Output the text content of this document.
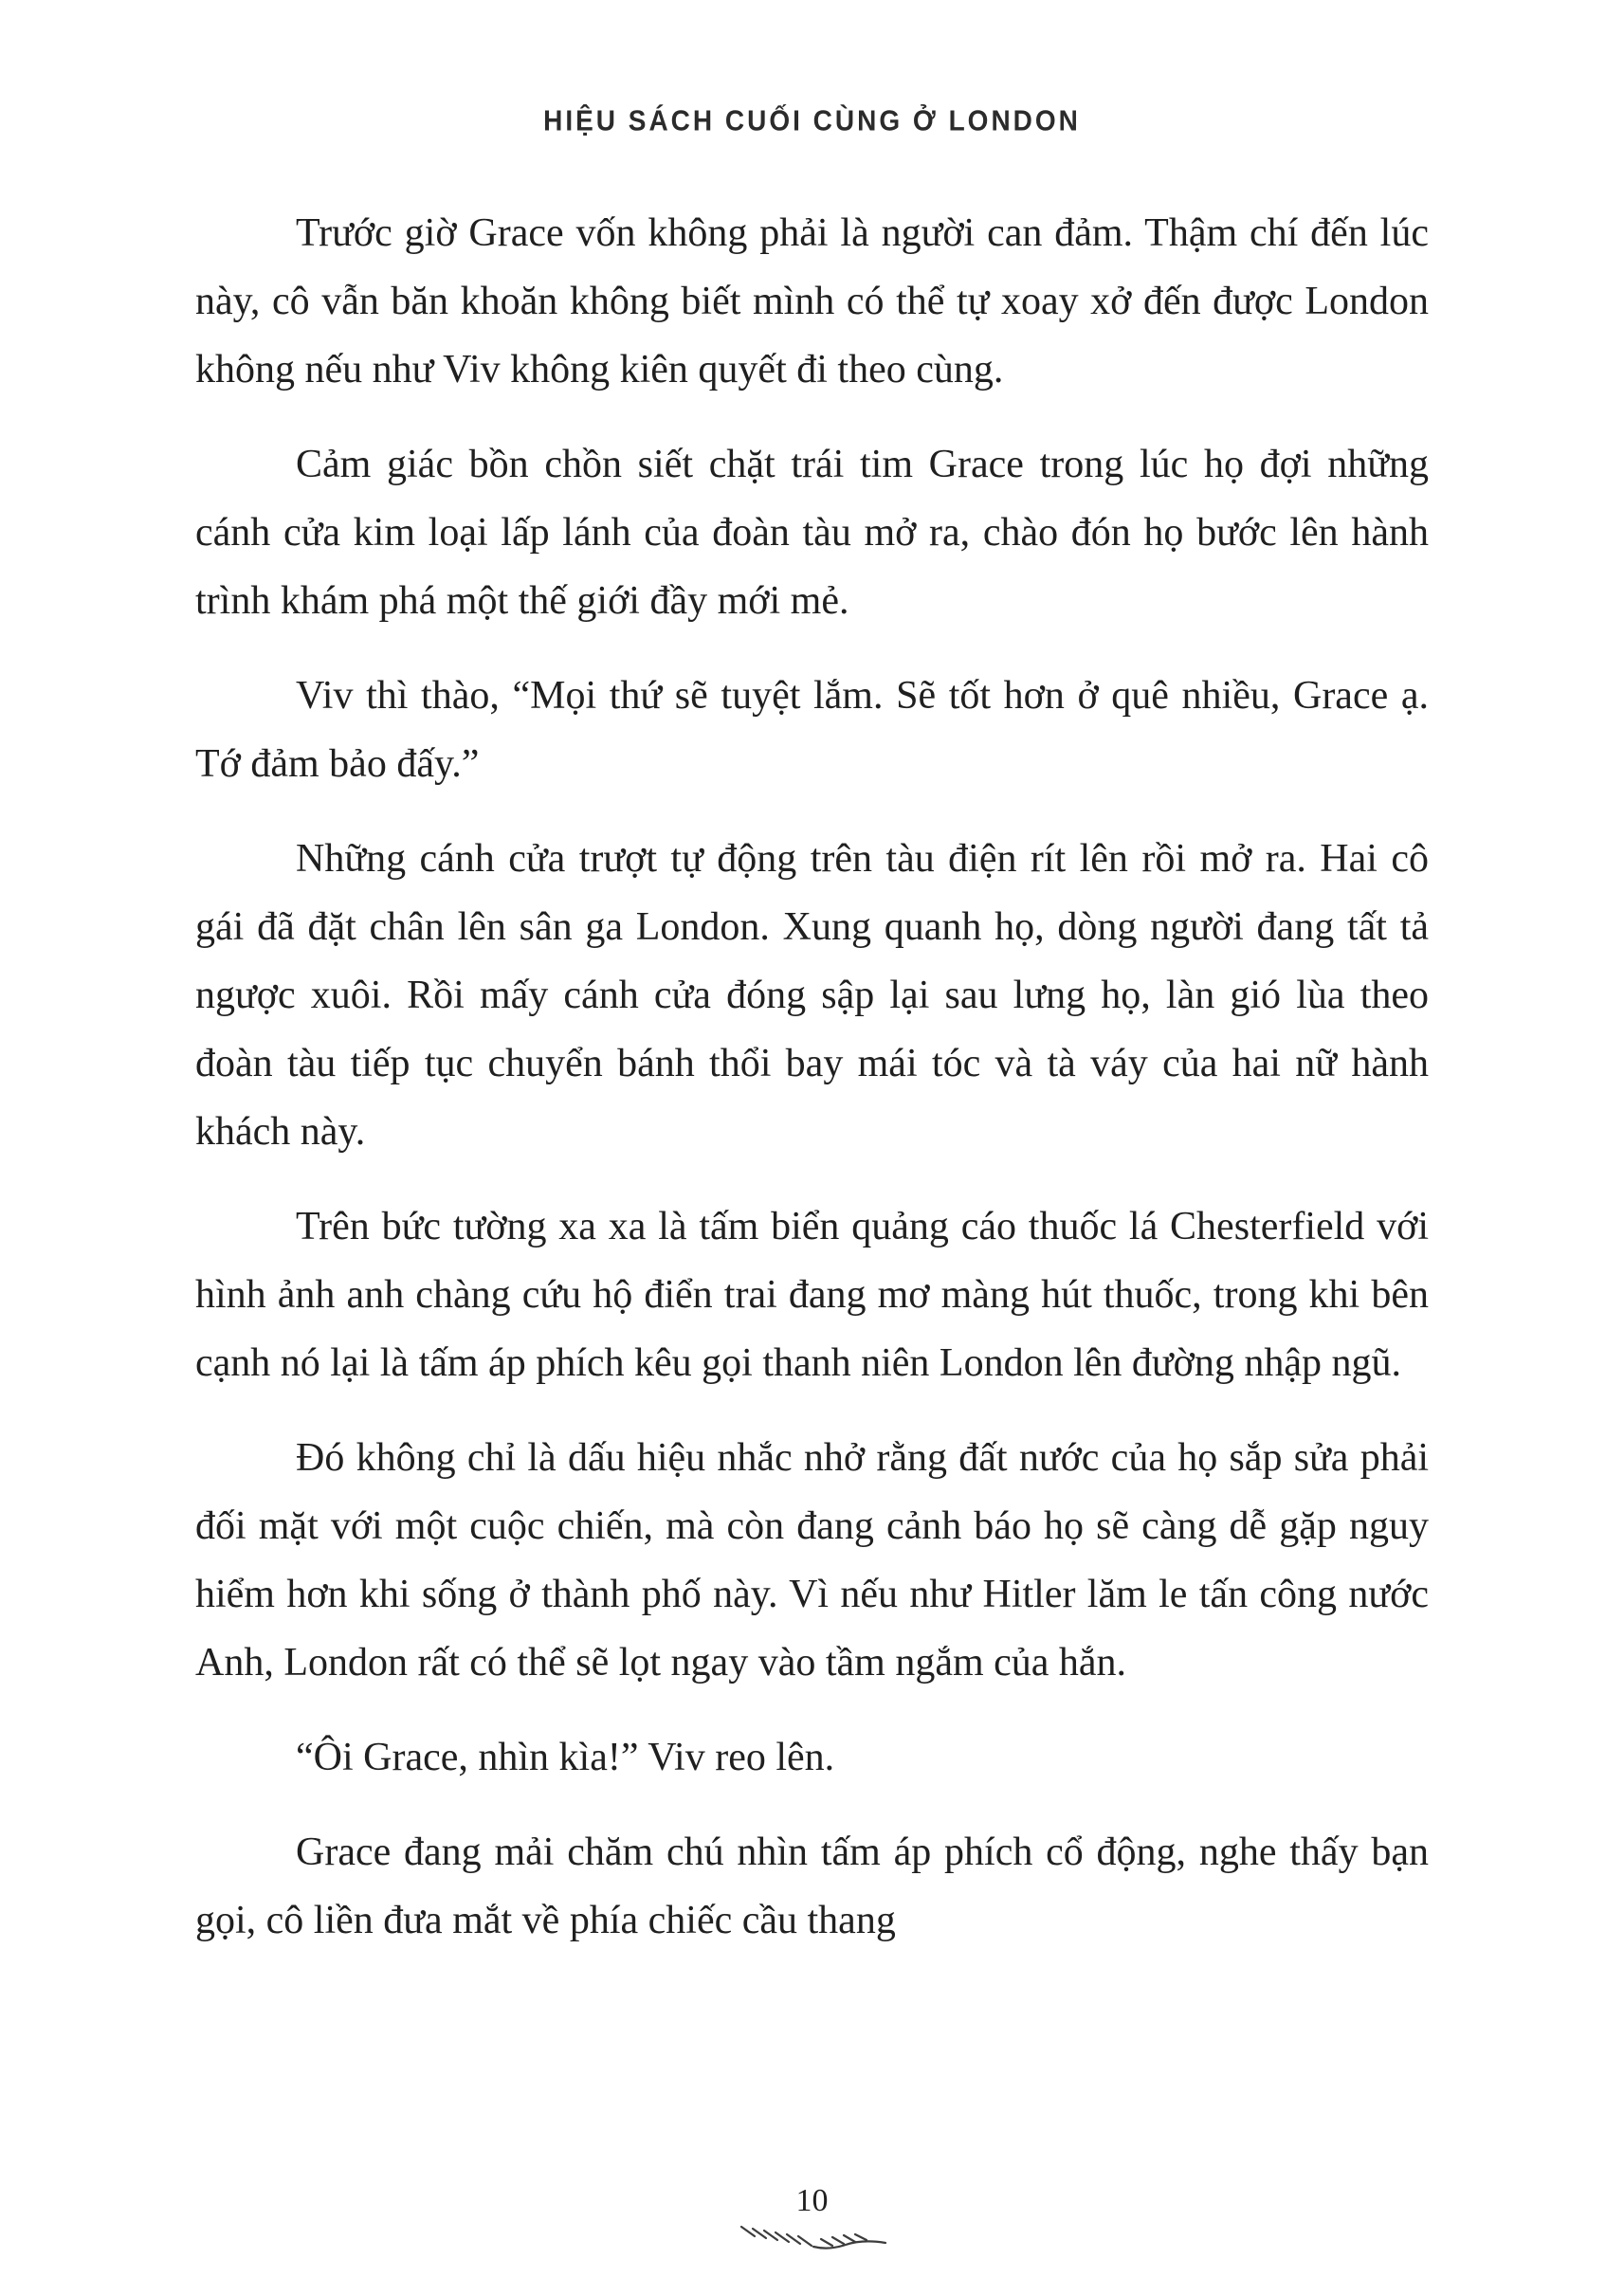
HIỆU SÁCH CUỐI CÙNG Ở LONDON

Trước giờ Grace vốn không phải là người can đảm. Thậm chí đến lúc này, cô vẫn băn khoăn không biết mình có thể tự xoay xở đến được London không nếu như Viv không kiên quyết đi theo cùng.

Cảm giác bồn chồn siết chặt trái tim Grace trong lúc họ đợi những cánh cửa kim loại lấp lánh của đoàn tàu mở ra, chào đón họ bước lên hành trình khám phá một thế giới đầy mới mẻ.

Viv thì thào, “Mọi thứ sẽ tuyệt lắm. Sẽ tốt hơn ở quê nhiều, Grace ạ. Tớ đảm bảo đấy.”

Những cánh cửa trượt tự động trên tàu điện rít lên rồi mở ra. Hai cô gái đã đặt chân lên sân ga London. Xung quanh họ, dòng người đang tất tả ngược xuôi. Rồi mấy cánh cửa đóng sập lại sau lưng họ, làn gió lùa theo đoàn tàu tiếp tục chuyển bánh thổi bay mái tóc và tà váy của hai nữ hành khách này.

Trên bức tường xa xa là tấm biển quảng cáo thuốc lá Chesterfield với hình ảnh anh chàng cứu hộ điển trai đang mơ màng hút thuốc, trong khi bên cạnh nó lại là tấm áp phích kêu gọi thanh niên London lên đường nhập ngũ.

Đó không chỉ là dấu hiệu nhắc nhở rằng đất nước của họ sắp sửa phải đối mặt với một cuộc chiến, mà còn đang cảnh báo họ sẽ càng dễ gặp nguy hiểm hơn khi sống ở thành phố này. Vì nếu như Hitler lăm le tấn công nước Anh, London rất có thể sẽ lọt ngay vào tầm ngắm của hắn.

“Ôi Grace, nhìn kìa!” Viv reo lên.

Grace đang mải chăm chú nhìn tấm áp phích cổ động, nghe thấy bạn gọi, cô liền đưa mắt về phía chiếc cầu thang

10
